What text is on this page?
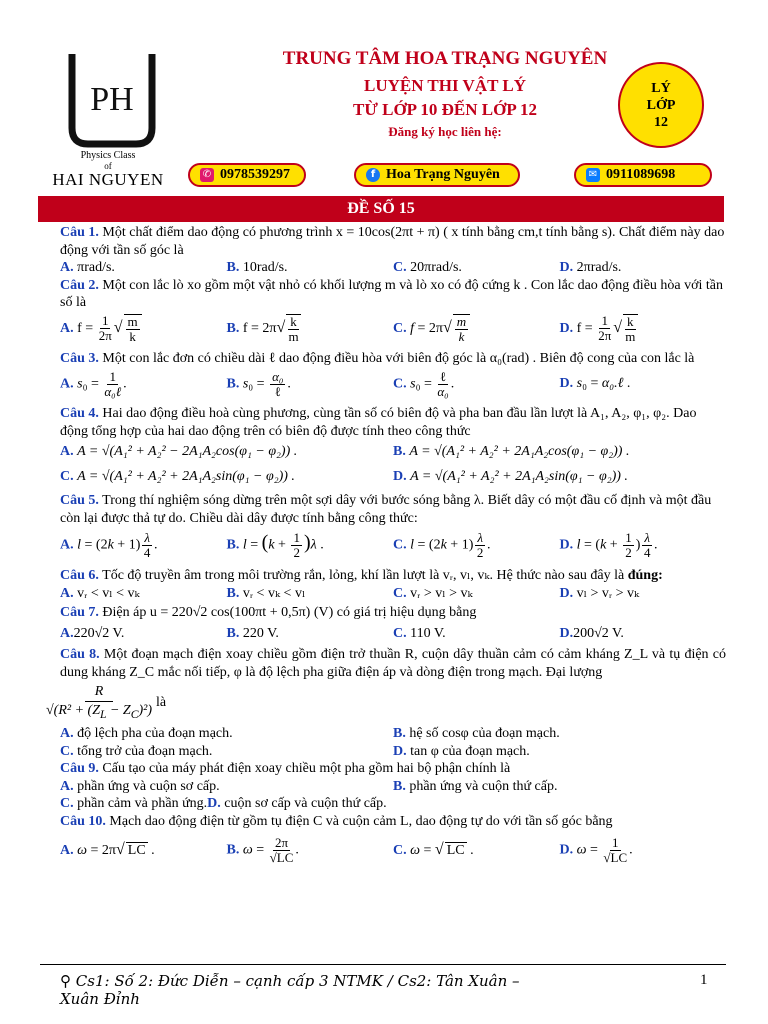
PH
Physics Class
of
HAI NGUYEN
TRUNG TÂM HOA TRẠNG NGUYÊN
LUYỆN THI VẬT LÝ
TỪ LỚP 10 ĐẾN LỚP 12
Đăng ký học liên hệ:
LÝ
LỚP
12
✆ 0978539297	f Hoa Trạng Nguyên	✉ 0911089698
ĐỀ SỐ 15

Câu 1. Một chất điểm dao động có phương trình x = 10cos(2πt + π) ( x tính bằng cm,t tính bằng s). Chất điểm này dao động với tần số góc là

A. πrad/s.	B. 10rad/s.	C. 20πrad/s.	D. 2πrad/s.

Câu 2. Một con lắc lò xo gồm một vật nhỏ có khối lượng m và lò xo có độ cứng k . Con lắc dao động điều hòa với tần số là

A. $f = \frac{1}{2\pi}$ √ $\frac{m}{k}$	B. $f = 2\pi√ \frac{k}{m}$	C. $f = 2\pi√ \frac{m}{k}$	D. $f = \frac{1}{2\pi}$ √ $\frac{k}{m}$

Câu 3. Một con lắc đơn có chiều dài ℓ dao động điều hòa với biên độ góc là α₀(rad) . Biên độ cong của con lắc là

A. $s_0 = \frac{1}{\text{α₀ℓ}}$ .	B. $s_0 = \frac{\text{α₀}}{\text{ℓ}}$ .	C. $s_0 = \frac{\text{ℓ}}{\text{α₀}}$ .	D. s₀ = α₀.ℓ .

Câu 4. Hai dao động điều hoà cùng phương, cùng tần số có biên độ và pha ban đầu lần lượt là A₁, A₂, φ₁, φ₂. Dao động tổng hợp của hai dao động trên có biên độ được tính theo công thức

A. A = √(A₁² + A₂² − 2A₁A₂cos(φ₁ − φ₂)) .	B. A = √(A₁² + A₂² + 2A₁A₂cos(φ₁ − φ₂)) .
C. A = √(A₁² + A₂² + 2A₁A₂sin(φ₁ − φ₂)) .	D. A = √(A₁² + A₂² + 2A₁A₂sin(φ₁ − φ₂)) .

Câu 5. Trong thí nghiệm sóng dừng trên một sợi dây với bước sóng bằng λ. Biết dây có một đầu cố định và một đầu còn lại được thả tự do. Chiều dài dây được tính bằng công thức:

A. $l = (2k + 1) \frac{\lambda}{4}$ .	B. $l = (k + \frac{1}{2} )\lambda$ .	C. $l = (2k + 1) \frac{\lambda}{2}$ .	D. $l = (k + \frac{1}{2}$ ) $\frac{\lambda}{4}$ .

Câu 6. Tốc độ truyền âm trong môi trường rắn, lỏng, khí lần lượt là vᵣ, vₗ, vₖ. Hệ thức nào sau đây là đúng:

A. vᵣ < vₗ < vₖ	B. vᵣ < vₖ < vₗ	C. vᵣ > vₗ > vₖ	D. vₗ > vᵣ > vₖ

Câu 7. Điện áp u = 220√2 cos(100πt + 0,5π) (V) có giá trị hiệu dụng bằng

A.220√2 V.	B. 220 V.	C. 110 V.	D.200√2 V.

Câu 8. Một đoạn mạch điện xoay chiều gồm điện trở thuần R, cuộn dây thuần cảm có cảm kháng Z_L và tụ điện có dung kháng Z_C mắc nối tiếp, φ là độ lệch pha giữa điện áp và dòng điện trong mạch. Đại lượng

$\frac{R}{√(R^2 + (Z_L - Z_C)^2)}$ là
A. độ lệch pha của đoạn mạch.	B. hệ số cosφ của đoạn mạch.
C. tổng trở của đoạn mạch.	D. tan φ của đoạn mạch.

Câu 9. Cấu tạo của máy phát điện xoay chiều một pha gồm hai bộ phận chính là

A. phần ứng và cuộn sơ cấp.	B. phần ứng và cuộn thứ cấp.
C. phần cảm và phần ứng.D. cuộn sơ cấp và cuộn thứ cấp.

Câu 10. Mạch dao động điện từ gồm tụ điện C và cuộn cảm L, dao động tự do với tần số góc bằng

A. ω = 2π√ LC .	B. $\omega = \frac{2\pi}{√LC}$ .	C. ω = √ LC .	D. $\omega = \frac{1}{√LC}$ .
⚲ Cs1: Số 2: Đức Diễn – cạnh cấp 3 NTMK / Cs2: Tân Xuân – Xuân Đỉnh
1
